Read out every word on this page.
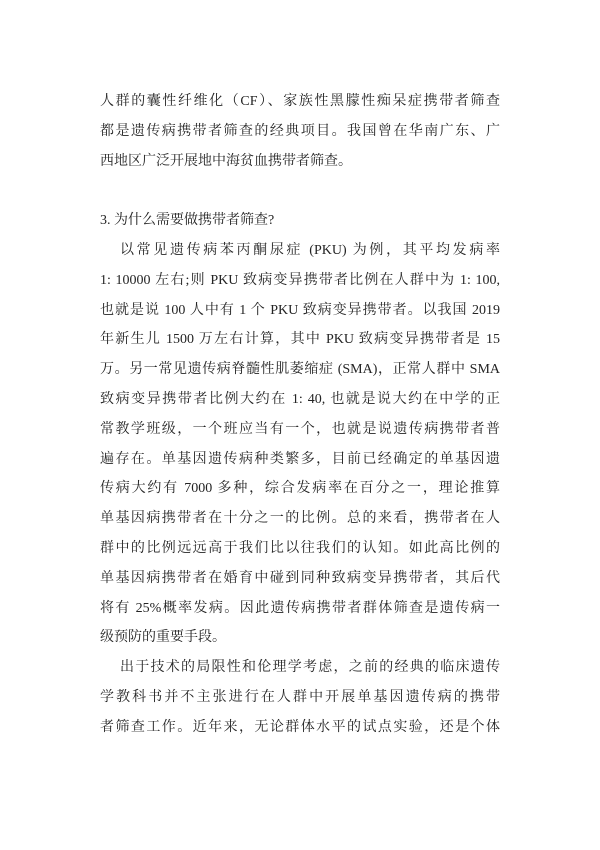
人群的囊性纤维化（CF）、家族性黑朦性痴呆症携带者筛查
都是遗传病携带者筛查的经典项目。我国曾在华南广东、广
西地区广泛开展地中海贫血携带者筛查。
3. 为什么需要做携带者筛查?
以常见遗传病苯丙酮尿症 (PKU) 为例，其平均发病率
1: 10000 左右;则 PKU 致病变异携带者比例在人群中为 1: 100,
也就是说 100 人中有 1 个 PKU 致病变异携带者。以我国 2019
年新生儿 1500 万左右计算，其中 PKU 致病变异携带者是 15
万。另一常见遗传病脊髓性肌萎缩症 (SMA)，正常人群中 SMA
致病变异携带者比例大约在 1: 40, 也就是说大约在中学的正
常教学班级，一个班应当有一个，也就是说遗传病携带者普
遍存在。单基因遗传病种类繁多，目前已经确定的单基因遗
传病大约有 7000 多种，综合发病率在百分之一，理论推算
单基因病携带者在十分之一的比例。总的来看，携带者在人
群中的比例远远高于我们比以往我们的认知。如此高比例的
单基因病携带者在婚育中碰到同种致病变异携带者，其后代
将有 25%概率发病。因此遗传病携带者群体筛查是遗传病一
级预防的重要手段。
出于技术的局限性和伦理学考虑，之前的经典的临床遗传
学教科书并不主张进行在人群中开展单基因遗传病的携带
者筛查工作。近年来，无论群体水平的试点实验，还是个体
